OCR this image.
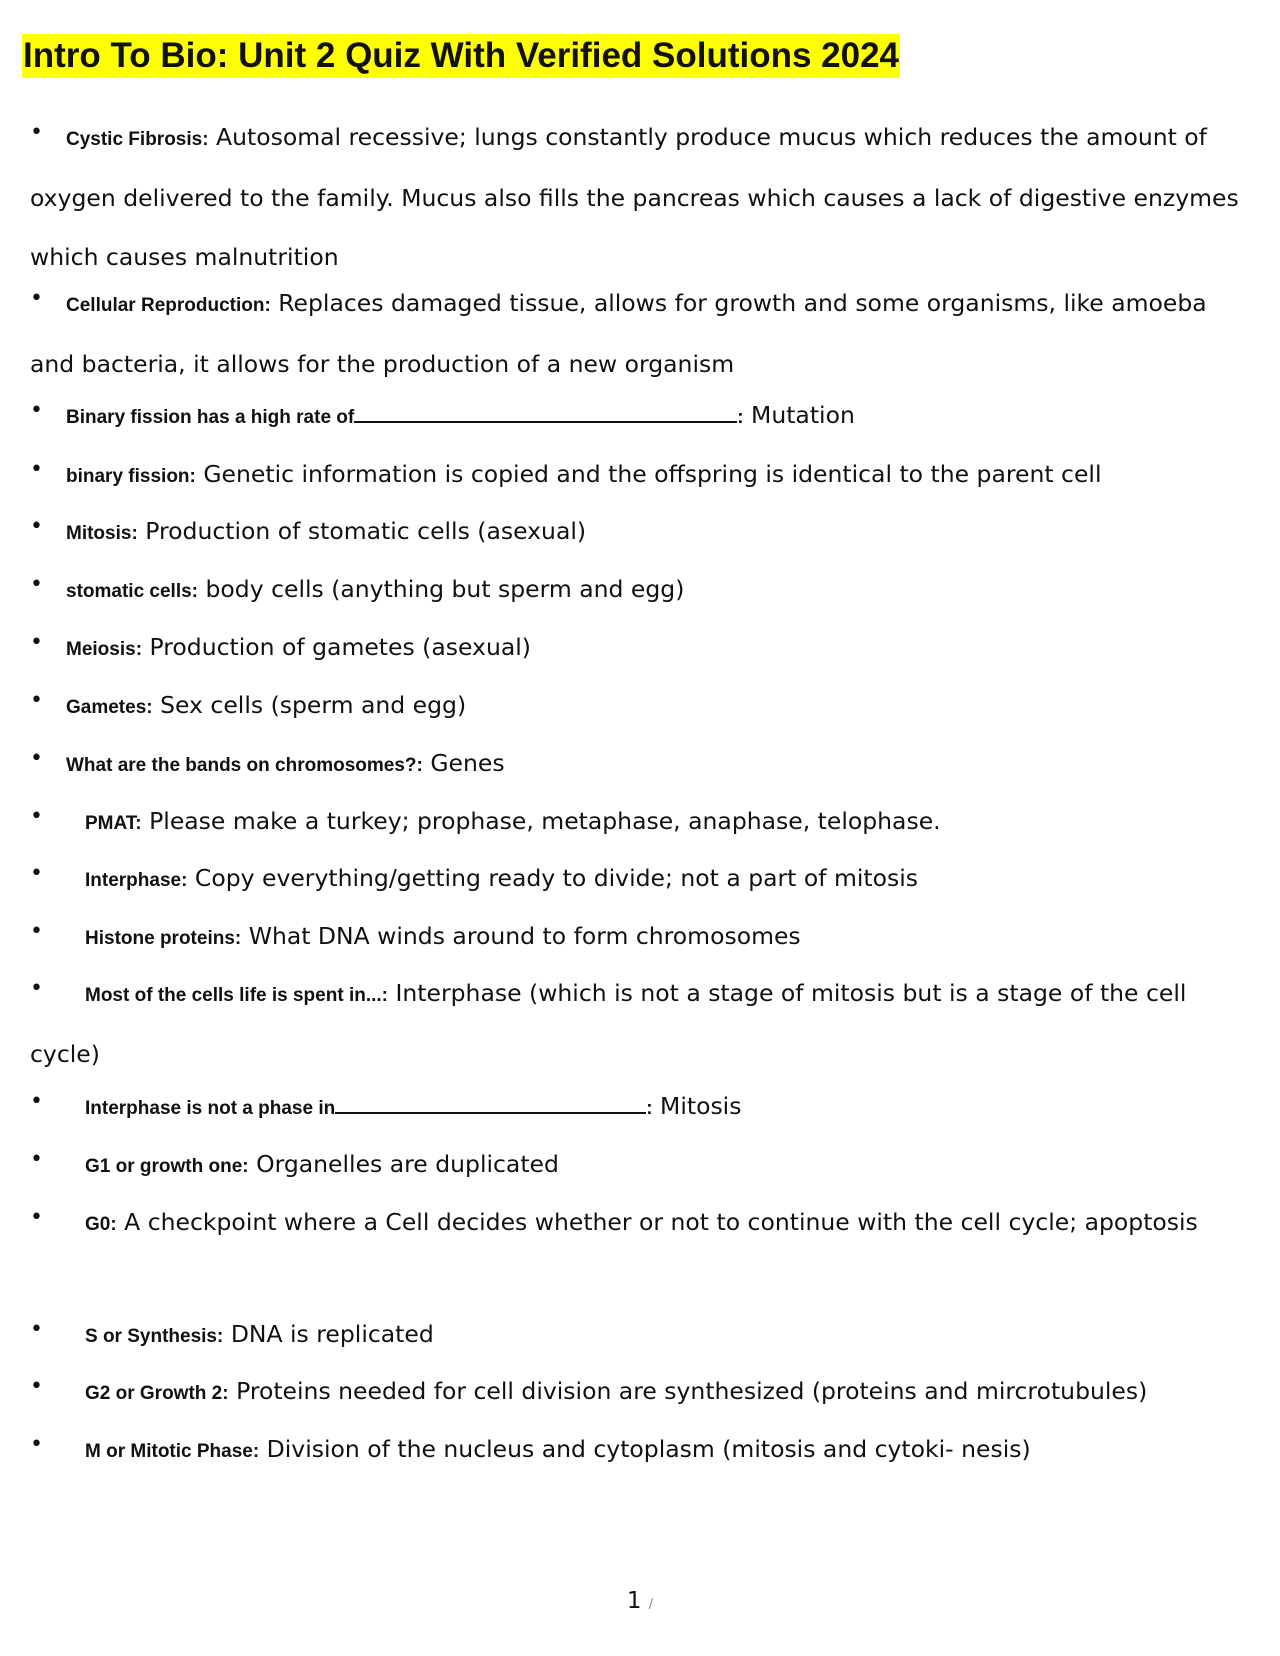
Intro To Bio: Unit 2 Quiz With Verified Solutions 2024
•	Cystic Fibrosis: Autosomal recessive; lungs constantly produce mucus which reduces the amount of oxygen delivered to the family. Mucus also fills the pancreas which causes a lack of digestive enzymes which causes malnutrition
•	Cellular Reproduction: Replaces damaged tissue, allows for growth and some organisms, like amoeba and bacteria, it allows for the production of a new organism
•	Binary fission has a high rate of	: Mutation
•	binary fission: Genetic information is copied and the offspring is identical to the parent cell
•	Mitosis: Production of stomatic cells (asexual)
•	stomatic cells: body cells (anything but sperm and egg)
•	Meiosis: Production of gametes (asexual)
•	Gametes: Sex cells (sperm and egg)
•	What are the bands on chromosomes?: Genes
•	PMAT: Please make a turkey; prophase, metaphase, anaphase, telophase.
•	Interphase: Copy everything/getting ready to divide; not a part of mitosis
•	Histone proteins: What DNA winds around to form chromosomes
•	Most of the cells life is spent in...: Interphase (which is not a stage of mitosis but is a stage of the cell cycle)
•	Interphase is not a phase in	: Mitosis
•	G1 or growth one: Organelles are duplicated
•	G0: A checkpoint where a Cell decides whether or not to continue with the cell cycle; apoptosis
•	S or Synthesis: DNA is replicated
•	G2 or Growth 2: Proteins needed for cell division are synthesized (proteins and mircrotubules)
•	M or Mitotic Phase: Division of the nucleus and cytoplasm (mitosis and cytoki- nesis)
1 /
